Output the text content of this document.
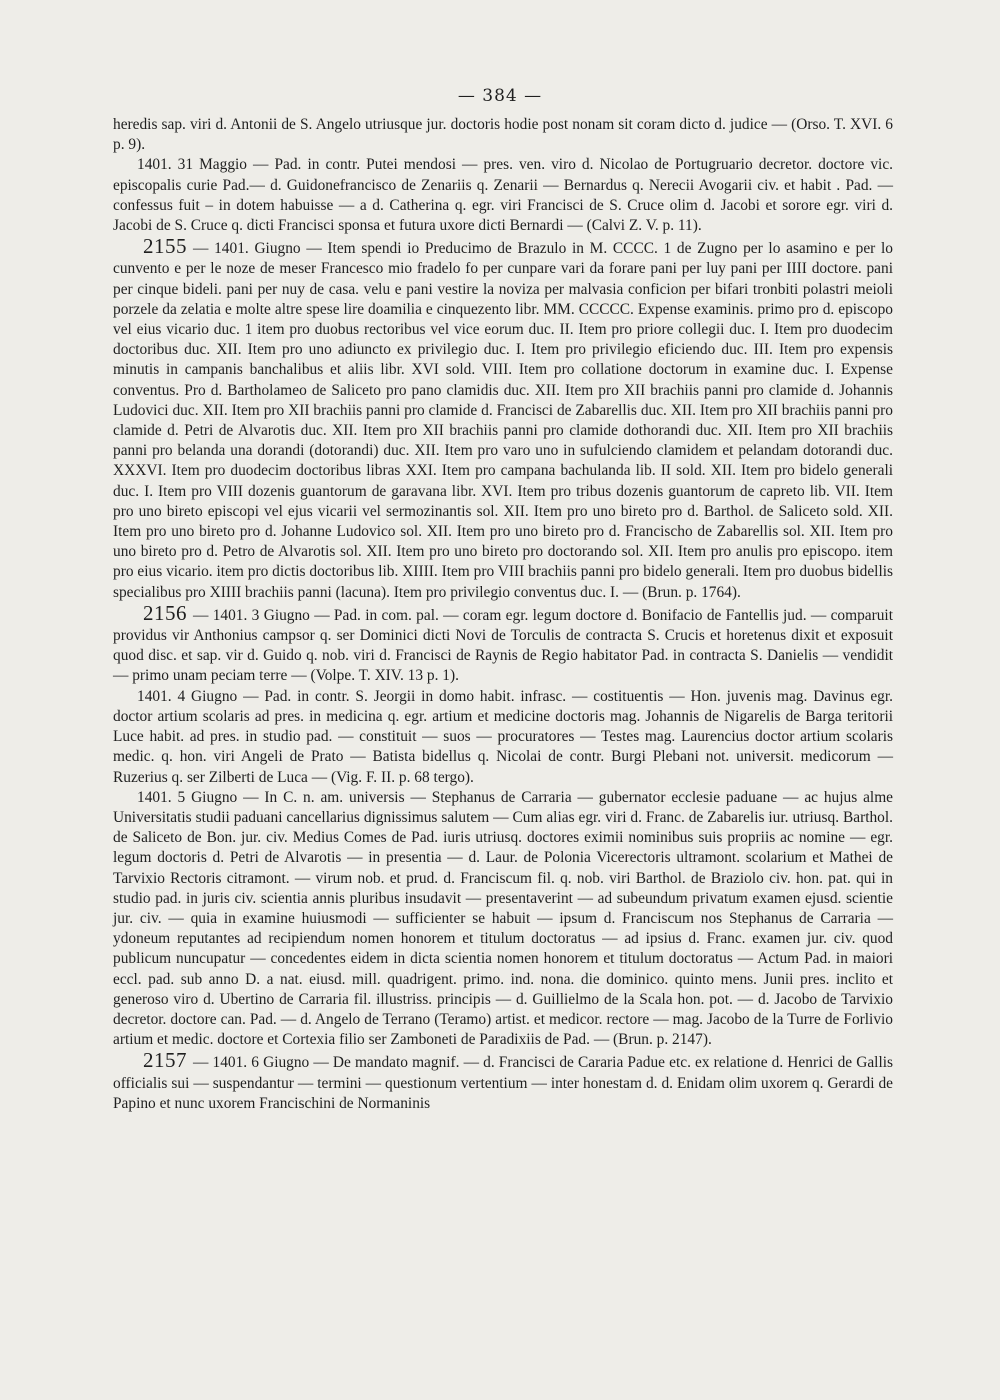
— 384 —

heredis sap. viri d. Antonii de S. Angelo utriusque jur. doctoris hodie post nonam sit coram dicto d. judice — (Orso. T. XVI. 6 p. 9).

1401. 31 Maggio — Pad. in contr. Putei mendosi — pres. ven. viro d. Nicolao de Portugruario decretor. doctore vic. episcopalis curie Pad.— d. Guidonefrancisco de Zenariis q. Zenarii — Bernardus q. Nerecii Avogarii civ. et habit . Pad. — confessus fuit – in dotem habuisse — a d. Catherina q. egr. viri Francisci de S. Cruce olim d. Jacobi et sorore egr. viri d. Jacobi de S. Cruce q. dicti Francisci sponsa et futura uxore dicti Bernardi — (Calvi Z. V. p. 11).

2155 — 1401. Giugno — Item spendi io Preducimo de Brazulo in M. CCCC. 1 de Zugno per lo asamino e per lo cunvento e per le noze de meser Francesco mio fradelo fo per cunpare vari da forare pani per luy pani per IIII doctore. pani per cinque bideli. pani per nuy de casa. velu e pani vestire la noviza per malvasia conficion per bifari tronbiti polastri meioli porzele da zelatia e molte altre spese lire doamilia e cinquezento libr. MM. CCCCC. Expense examinis. primo pro d. episcopo vel eius vicario duc. 1 item pro duobus rectoribus vel vice eorum duc. II. Item pro priore collegii duc. I. Item pro duodecim doctoribus duc. XII. Item pro uno adiuncto ex privilegio duc. I. Item pro privilegio eficiendo duc. III. Item pro expensis minutis in campanis banchalibus et aliis libr. XVI sold. VIII. Item pro collatione doctorum in examine duc. I. Expense conventus. Pro d. Bartholameo de Saliceto pro pano clamidis duc. XII. Item pro XII brachiis panni pro clamide d. Johannis Ludovici duc. XII. Item pro XII brachiis panni pro clamide d. Francisci de Zabarellis duc. XII. Item pro XII brachiis panni pro clamide d. Petri de Alvarotis duc. XII. Item pro XII brachiis panni pro clamide dothorandi duc. XII. Item pro XII brachiis panni pro belanda una dorandi (dotorandi) duc. XII. Item pro varo uno in sufulciendo clamidem et pelandam dotorandi duc. XXXVI. Item pro duodecim doctoribus libras XXI. Item pro campana bachulanda lib. II sold. XII. Item pro bidelo generali duc. I. Item pro VIII dozenis guantorum de garavana libr. XVI. Item pro tribus dozenis guantorum de capreto lib. VII. Item pro uno bireto episcopi vel ejus vicarii vel sermozinantis sol. XII. Item pro uno bireto pro d. Barthol. de Saliceto sold. XII. Item pro uno bireto pro d. Johanne Ludovico sol. XII. Item pro uno bireto pro d. Francischo de Zabarellis sol. XII. Item pro uno bireto pro d. Petro de Alvarotis sol. XII. Item pro uno bireto pro doctorando sol. XII. Item pro anulis pro episcopo. item pro eius vicario. item pro dictis doctoribus lib. XIIII. Item pro VIII brachiis panni pro bidelo generali. Item pro duobus bidellis specialibus pro XIIII brachiis panni (lacuna). Item pro privilegio conventus duc. I. — (Brun. p. 1764).

2156 — 1401. 3 Giugno — Pad. in com. pal. — coram egr. legum doctore d. Bonifacio de Fantellis jud. — comparuit providus vir Anthonius campsor q. ser Dominici dicti Novi de Torculis de contracta S. Crucis et horetenus dixit et exposuit quod disc. et sap. vir d. Guido q. nob. viri d. Francisci de Raynis de Regio habitator Pad. in contracta S. Danielis — vendidit — primo unam peciam terre — (Volpe. T. XIV. 13 p. 1).

1401. 4 Giugno — Pad. in contr. S. Jeorgii in domo habit. infrasc. — costituentis — Hon. juvenis mag. Davinus egr. doctor artium scolaris ad pres. in medicina q. egr. artium et medicine doctoris mag. Johannis de Nigarelis de Barga teritorii Luce habit. ad pres. in studio pad. — constituit — suos — procuratores — Testes mag. Laurencius doctor artium scolaris medic. q. hon. viri Angeli de Prato — Batista bidellus q. Nicolai de contr. Burgi Plebani not. universit. medicorum — Ruzerius q. ser Zilberti de Luca — (Vig. F. II. p. 68 tergo).

1401. 5 Giugno — In C. n. am. universis — Stephanus de Carraria — gubernator ecclesie paduane — ac hujus alme Universitatis studii paduani cancellarius dignissimus salutem — Cum alias egr. viri d. Franc. de Zabarelis iur. utriusq. Barthol. de Saliceto de Bon. jur. civ. Medius Comes de Pad. iuris utriusq. doctores eximii nominibus suis propriis ac nomine — egr. legum doctoris d. Petri de Alvarotis — in presentia — d. Laur. de Polonia Vicerectoris ultramont. scolarium et Mathei de Tarvixio Rectoris citramont. — virum nob. et prud. d. Franciscum fil. q. nob. viri Barthol. de Braziolo civ. hon. pat. qui in studio pad. in juris civ. scientia annis pluribus insudavit — presentaverint — ad subeundum privatum examen ejusd. scientie jur. civ. — quia in examine huiusmodi — sufficienter se habuit — ipsum d. Franciscum nos Stephanus de Carraria — ydoneum reputantes ad recipiendum nomen honorem et titulum doctoratus — ad ipsius d. Franc. examen jur. civ. quod publicum nuncupatur — concedentes eidem in dicta scientia nomen honorem et titulum doctoratus — Actum Pad. in maiori eccl. pad. sub anno D. a nat. eiusd. mill. quadrigent. primo. ind. nona. die dominico. quinto mens. Junii pres. inclito et generoso viro d. Ubertino de Carraria fil. illustriss. principis — d. Guillielmo de la Scala hon. pot. — d. Jacobo de Tarvixio decretor. doctore can. Pad. — d. Angelo de Terrano (Teramo) artist. et medicor. rectore — mag. Jacobo de la Turre de Forlivio artium et medic. doctore et Cortexia filio ser Zamboneti de Paradixiis de Pad. — (Brun. p. 2147).

2157 — 1401. 6 Giugno — De mandato magnif. — d. Francisci de Cararia Padue etc. ex relatione d. Henrici de Gallis officialis sui — suspendantur — termini — questionum vertentium — inter honestam d. d. Enidam olim uxorem q. Gerardi de Papino et nunc uxorem Francischini de Normaninis
